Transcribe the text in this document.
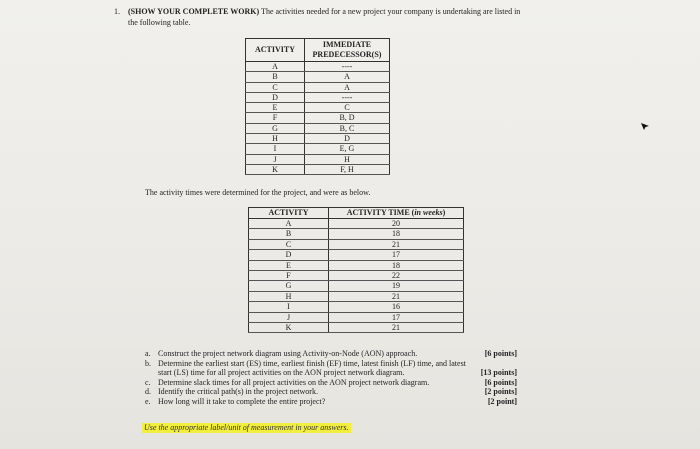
1. (SHOW YOUR COMPLETE WORK) The activities needed for a new project your company is undertaking are listed in the following table.
ACTIVITY	IMMEDIATE PREDECESSOR(S)
A	----
B	A
C	A
D	----
E	C
F	B, D
G	B, C
H	D
I	E, G
J	H
K	F, H
The activity times were determined for the project, and were as below.
ACTIVITY	ACTIVITY TIME (in weeks)
A	20
B	18
C	21
D	17
E	18
F	22
G	19
H	21
I	16
J	17
K	21
a. Construct the project network diagram using Activity-on-Node (AON) approach.	[6 points]
b. Determine the earliest start (ES) time, earliest finish (EF) time, latest finish (LF) time, and latest start (LS) time for all project activities on the AON project network diagram.	[13 points]
c. Determine slack times for all project activities on the AON project network diagram.	[6 points]
d. Identify the critical path(s) in the project network.	[2 points]
e. How long will it take to complete the entire project?	[2 point]
Use the appropriate label/unit of measurement in your answers.
